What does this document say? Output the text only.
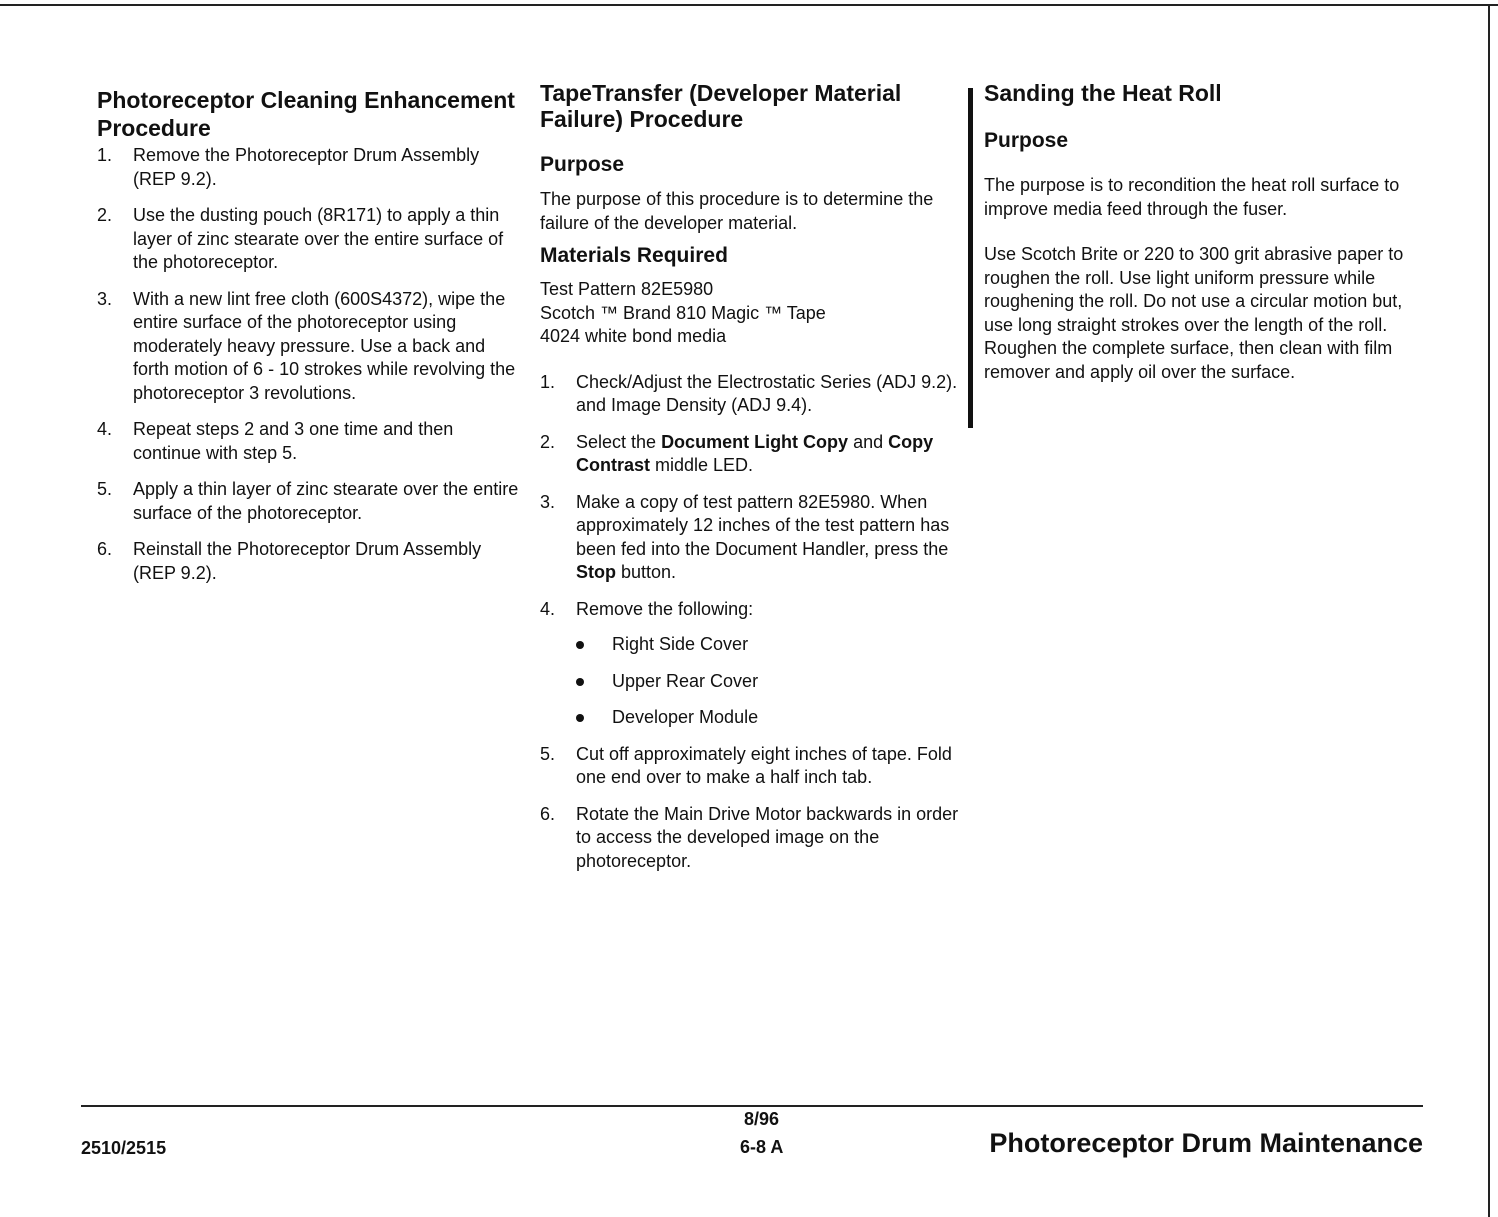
Photoreceptor Cleaning Enhancement Procedure
1. Remove the Photoreceptor Drum Assembly (REP 9.2).
2. Use the dusting pouch (8R171) to apply a thin layer of zinc stearate over the entire surface of the photoreceptor.
3. With a new lint free cloth (600S4372), wipe the entire surface of the photoreceptor using moderately heavy pressure. Use a back and forth motion of 6 - 10 strokes while revolving the photoreceptor 3 revolutions.
4. Repeat steps 2 and 3 one time and then continue with step 5.
5. Apply a thin layer of zinc stearate over the entire surface of the photoreceptor.
6. Reinstall the Photoreceptor Drum Assembly (REP 9.2).
TapeTransfer (Developer Material Failure) Procedure
Purpose

The purpose of this procedure is to determine the failure of the developer material.

Materials Required

Test Pattern 82E5980

Scotch ™ Brand 810 Magic ™ Tape

4024 white bond media

1. Check/Adjust the Electrostatic Series (ADJ 9.2). and Image Density (ADJ 9.4).
2. Select the Document Light Copy and Copy Contrast middle LED.
3. Make a copy of test pattern 82E5980. When approximately 12 inches of the test pattern has been fed into the Document Handler, press the Stop button.
4. Remove the following:
Right Side Cover
Upper Rear Cover
Developer Module
5. Cut off approximately eight inches of tape. Fold one end over to make a half inch tab.
6. Rotate the Main Drive Motor backwards in order to access the developed image on the photoreceptor.
Sanding the Heat Roll
Purpose

The purpose is to recondition the heat roll surface to improve media feed through the fuser.

Use Scotch Brite or 220 to 300 grit abrasive paper to roughen the roll. Use light uniform pressure while roughening the roll. Do not use a circular motion but, use long straight strokes over the length of the roll. Roughen the complete surface, then clean with film remover and apply oil over the surface.

2510/2515
8/96
6-8 A	Photoreceptor Drum Maintenance
